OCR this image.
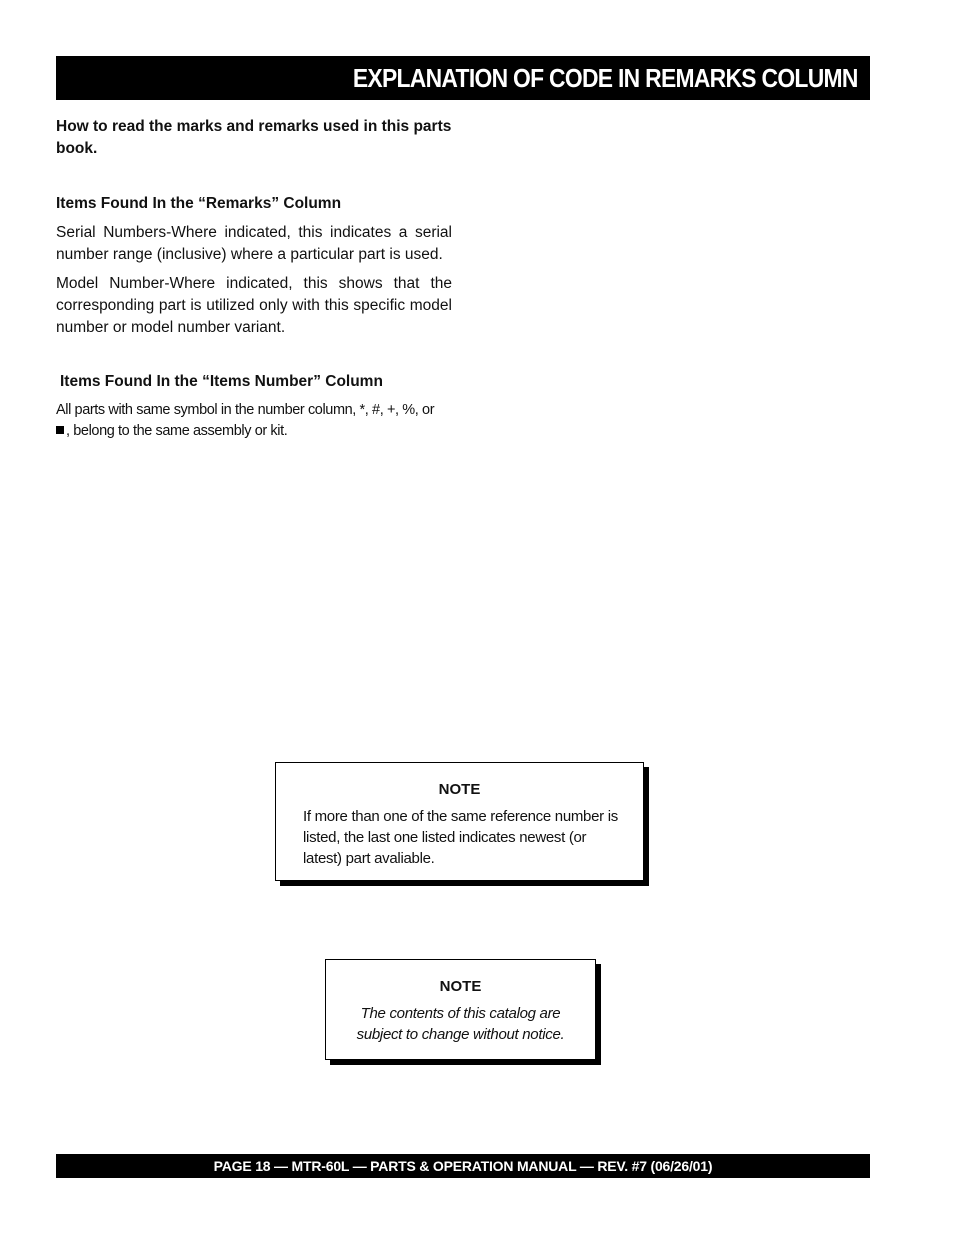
EXPLANATION OF CODE IN REMARKS COLUMN
How to read the marks and remarks used in this parts book.
Items Found In the “Remarks” Column
Serial Numbers-Where indicated, this indicates a serial number range (inclusive) where a particular part is used.
Model Number-Where indicated, this shows that the corresponding part is utilized only with this specific model number or model number variant.
Items Found In the “Items Number” Column
All parts with same symbol in the number column, *, #, +, %, or
, belong to the same assembly or kit.
NOTE
If more than one of the same reference number is listed, the last one listed indicates newest (or latest) part avaliable.
NOTE
The contents of this catalog are subject to change without notice.
PAGE 18 — MTR-60L — PARTS & OPERATION MANUAL — REV. #7 (06/26/01)
